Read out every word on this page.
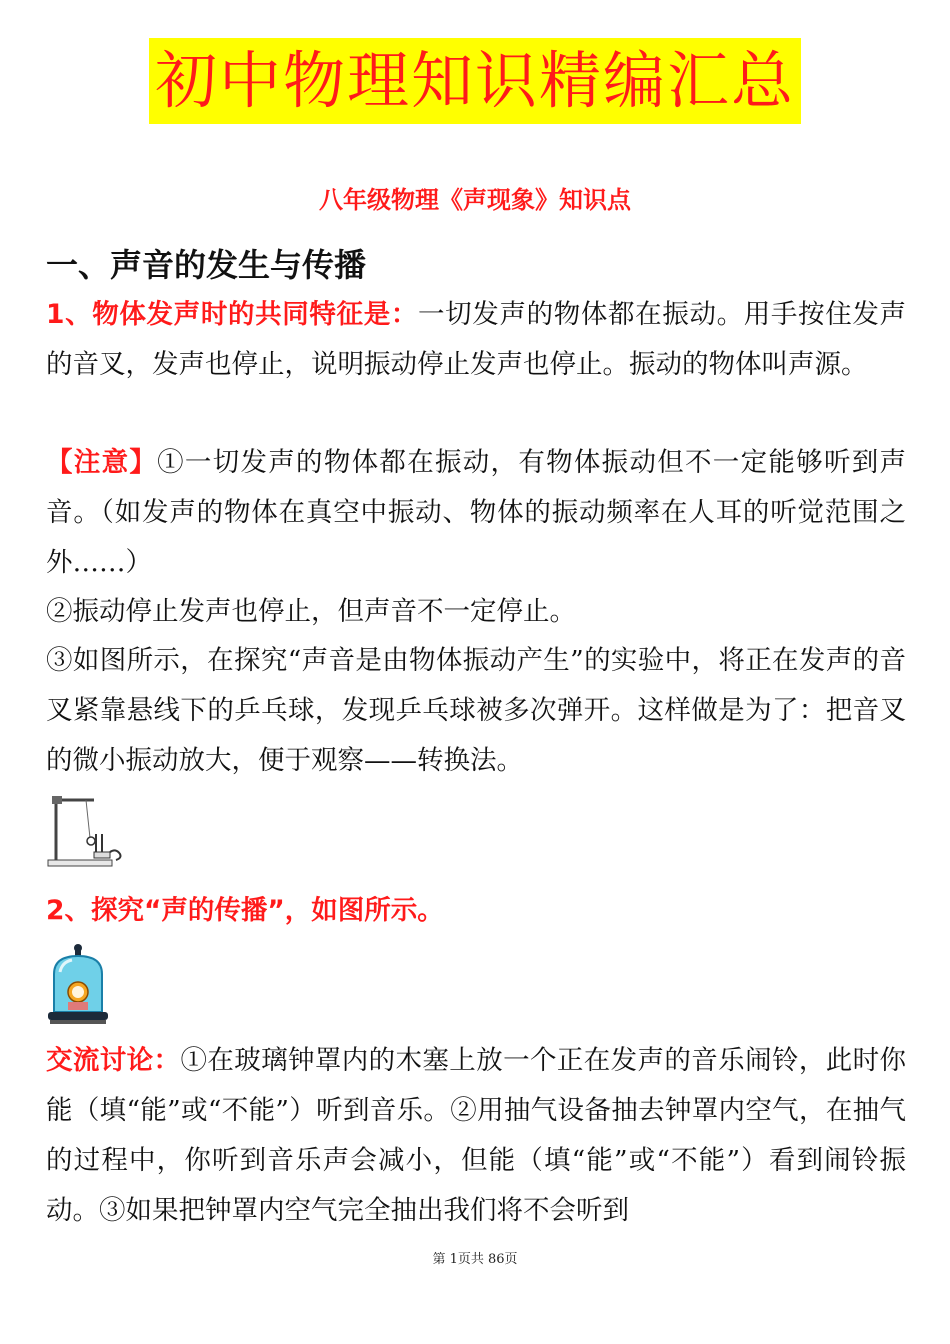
初中物理知识精编汇总
八年级物理《声现象》知识点
一、声音的发生与传播
1、物体发声时的共同特征是：一切发声的物体都在振动。用手按住发声的音叉，发声也停止，说明振动停止发声也停止。振动的物体叫声源。
【注意】①一切发声的物体都在振动，有物体振动但不一定能够听到声音。（如发声的物体在真空中振动、物体的振动频率在人耳的听觉范围之外……）
②振动停止发声也停止，但声音不一定停止。
③如图所示，在探究“声音是由物体振动产生”的实验中，将正在发声的音叉紧靠悬线下的乒乓球，发现乒乓球被多次弹开。这样做是为了：把音叉的微小振动放大，便于观察——转换法。
2、探究“声的传播”，如图所示。
交流讨论：①在玻璃钟罩内的木塞上放一个正在发声的音乐闹铃，此时你能（填“能”或“不能”）听到音乐。②用抽气设备抽去钟罩内空气，在抽气的过程中，你听到音乐声会减小，但能（填“能”或“不能”）看到闹铃振动。③如果把钟罩内空气完全抽出我们将不会听到
第 1页共 86页
